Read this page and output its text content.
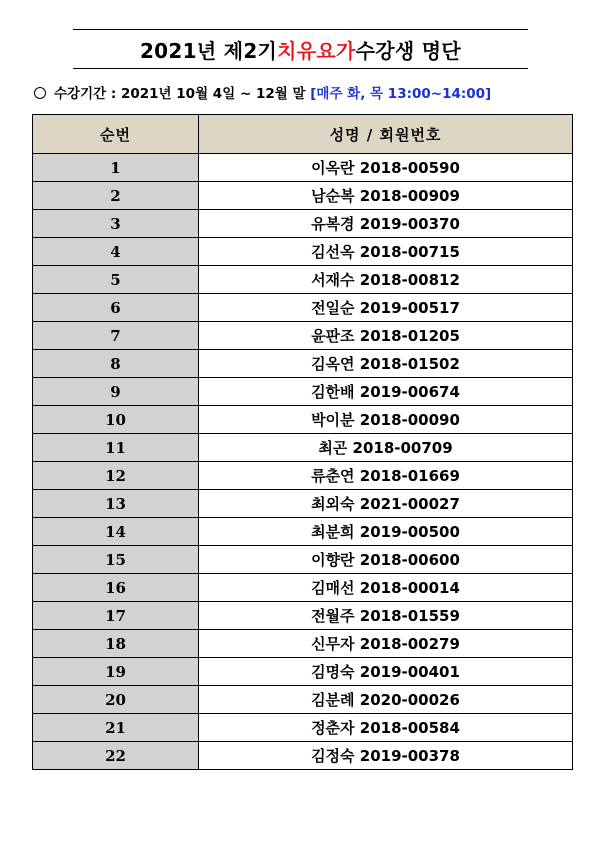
2021년 제2기 치유요가 수강생 명단
수강기간 : 2021년 10월 4일 ~ 12월 말 [매주 화, 목 13:00~14:00]
순번	성명 / 회원번호
1	이옥란 2018-00590
2	남순복 2018-00909
3	유복경 2019-00370
4	김선옥 2018-00715
5	서재수 2018-00812
6	전일순 2019-00517
7	윤판조 2018-01205
8	김옥연 2018-01502
9	김한배 2019-00674
10	박이분 2018-00090
11	최곤 2018-00709
12	류춘연 2018-01669
13	최외숙 2021-00027
14	최분희 2019-00500
15	이향란 2018-00600
16	김매선 2018-00014
17	전월주 2018-01559
18	신무자 2018-00279
19	김명숙 2019-00401
20	김분례 2020-00026
21	정춘자 2018-00584
22	김정숙 2019-00378
